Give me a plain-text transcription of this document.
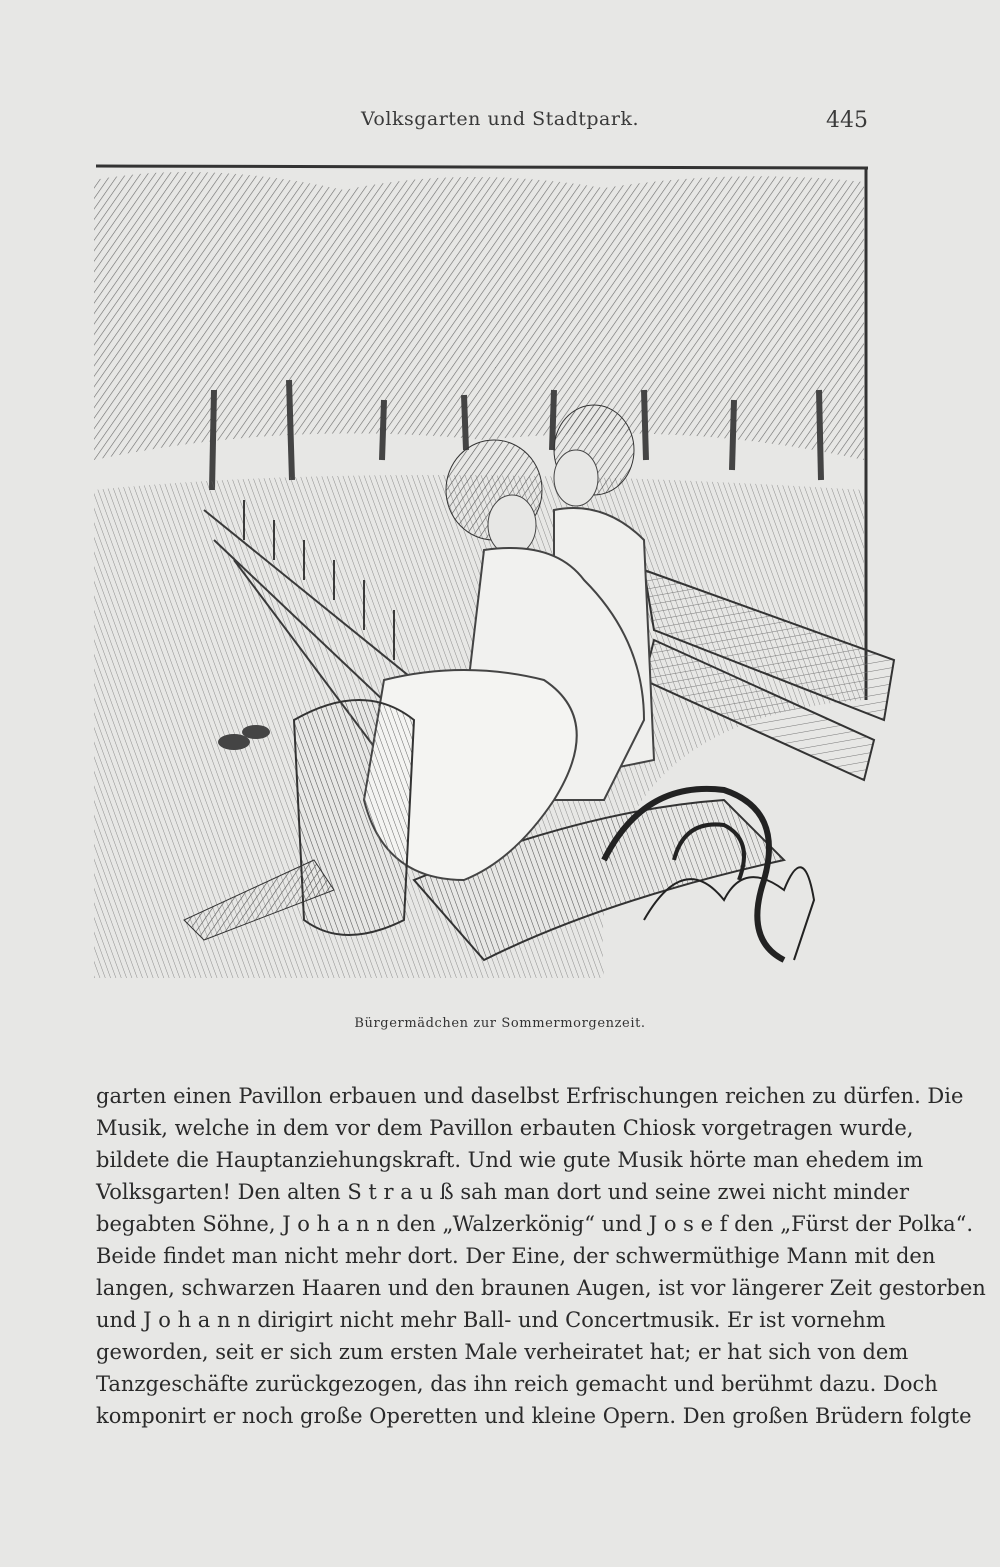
Volksgarten und Stadtpark.	445
Bürgermädchen zur Sommermorgenzeit.
garten einen Pavillon erbauen und daselbst Erfrischungen reichen zu dürfen. Die
Musik, welche in dem vor dem Pavillon erbauten Chiosk vorgetragen wurde,
bildete die Hauptanziehungskraft. Und wie gute Musik hörte man ehedem im
Volksgarten! Den alten S t r a u ß sah man dort und seine zwei nicht minder
begabten Söhne, J o h a n n den „Walzerkönig“ und J o s e f den „Fürst der Polka“.
Beide findet man nicht mehr dort. Der Eine, der schwermüthige Mann mit den
langen, schwarzen Haaren und den braunen Augen, ist vor längerer Zeit gestorben
und J o h a n n dirigirt nicht mehr Ball- und Concertmusik. Er ist vornehm
geworden, seit er sich zum ersten Male verheiratet hat; er hat sich von dem
Tanzgeschäfte zurückgezogen, das ihn reich gemacht und berühmt dazu. Doch
komponirt er noch große Operetten und kleine Opern. Den großen Brüdern folgte
